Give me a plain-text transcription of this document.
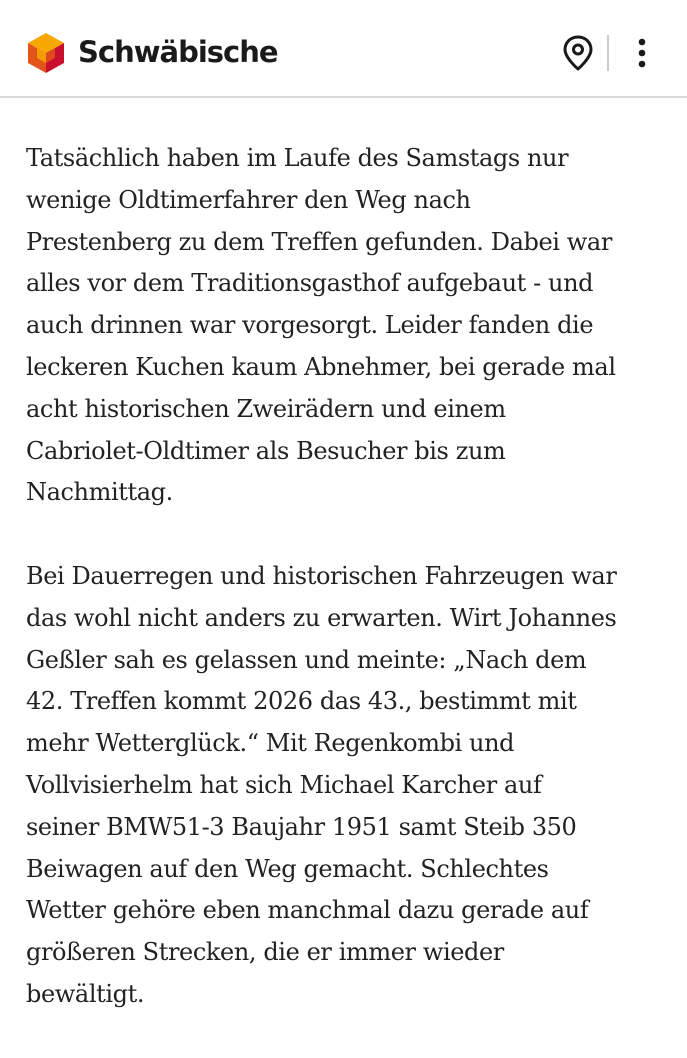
Schwäbische

Tatsächlich haben im Laufe des Samstags nur
wenige Oldtimerfahrer den Weg nach
Prestenberg zu dem Treffen gefunden. Dabei war
alles vor dem Traditionsgasthof aufgebaut - und
auch drinnen war vorgesorgt. Leider fanden die
leckeren Kuchen kaum Abnehmer, bei gerade mal
acht historischen Zweirädern und einem
Cabriolet-Oldtimer als Besucher bis zum
Nachmittag.

Bei Dauerregen und historischen Fahrzeugen war
das wohl nicht anders zu erwarten. Wirt Johannes
Geßler sah es gelassen und meinte: „Nach dem
42. Treffen kommt 2026 das 43., bestimmt mit
mehr Wetterglück.“ Mit Regenkombi und
Vollvisierhelm hat sich Michael Karcher auf
seiner BMW51-3 Baujahr 1951 samt Steib 350
Beiwagen auf den Weg gemacht. Schlechtes
Wetter gehöre eben manchmal dazu gerade auf
größeren Strecken, die er immer wieder
bewältigt.
